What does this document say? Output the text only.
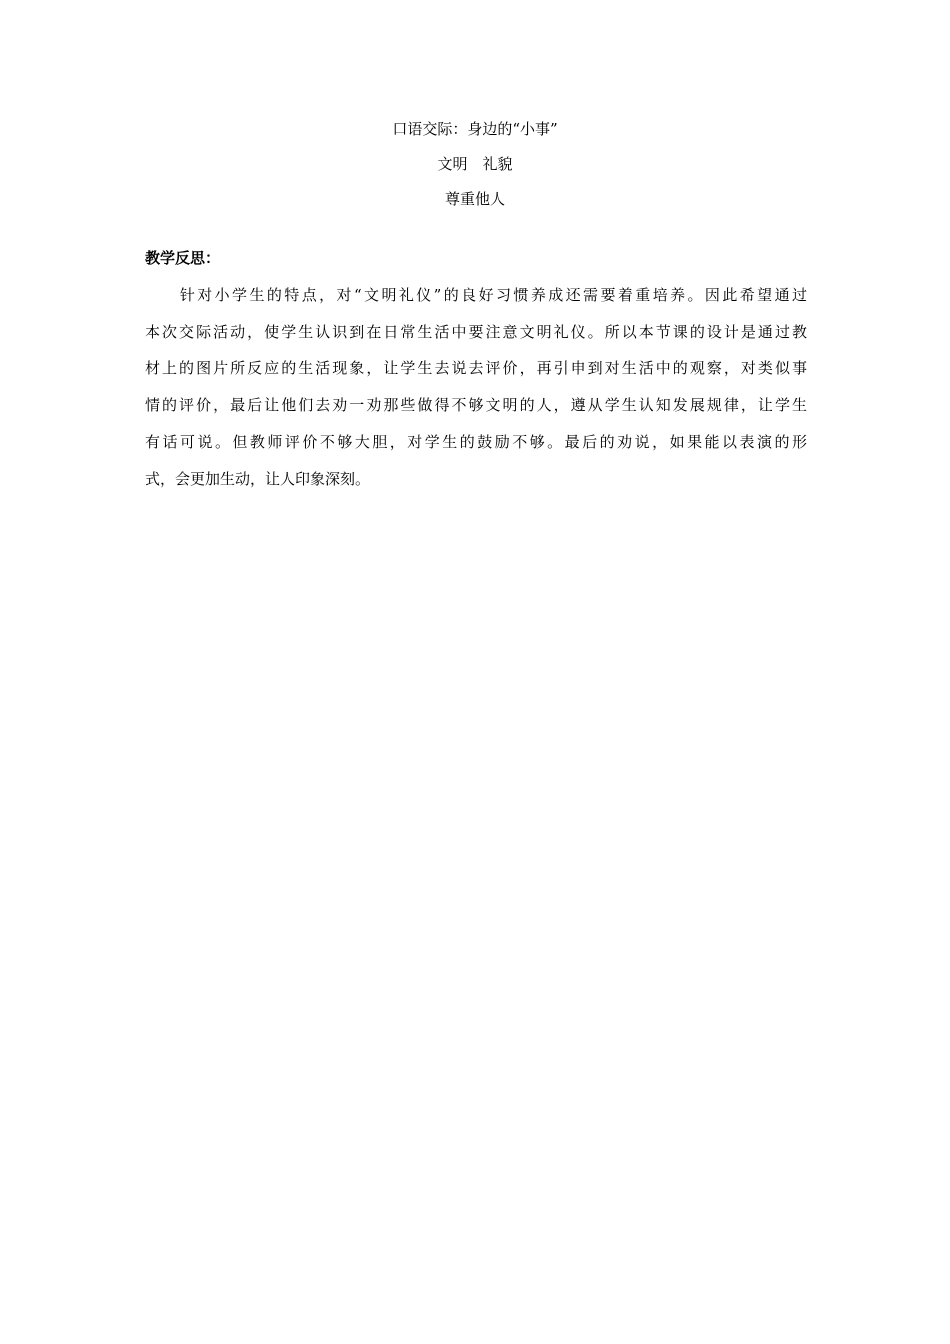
口语交际：身边的“小事”
文明　礼貌
尊重他人
教学反思：
　　针对小学生的特点，对“文明礼仪”的良好习惯养成还需要着重培养。因此希望通过
本次交际活动，使学生认识到在日常生活中要注意文明礼仪。所以本节课的设计是通过教
材上的图片所反应的生活现象，让学生去说去评价，再引申到对生活中的观察，对类似事
情的评价，最后让他们去劝一劝那些做得不够文明的人，遵从学生认知发展规律，让学生
有话可说。但教师评价不够大胆，对学生的鼓励不够。最后的劝说，如果能以表演的形
式，会更加生动，让人印象深刻。
